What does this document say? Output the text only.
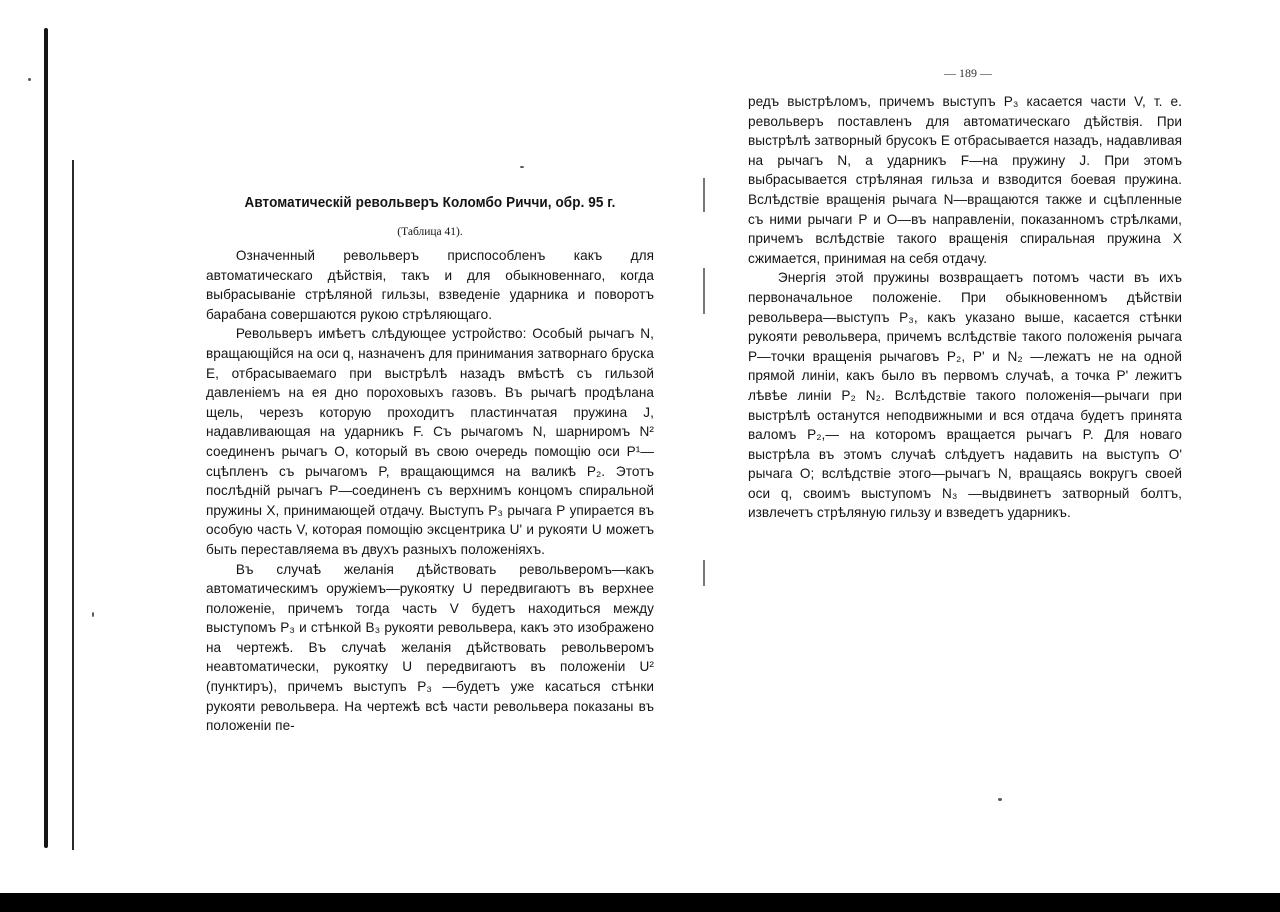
Автоматическiй револьверъ Коломбо Риччи, обр. 95 г.
(Таблица 41).

Означенный револьверъ приспособленъ какъ для автоматическаго дѣйствiя, такъ и для обыкновеннаго, когда выбрасыванiе стрѣляной гильзы, взведенiе ударника и поворотъ барабана совершаются рукою стрѣляющаго.

Револьверъ имѣетъ слѣдующее устройство: Особый рычагъ N, вращающiйся на оси q, назначенъ для принимания затворнаго бруска E, отбрасываемаго при выстрѣлѣ назадъ вмѣстѣ съ гильзой давленiемъ на ея дно пороховыхъ газовъ. Въ рычагѣ продѣлана щель, черезъ которую проходитъ пластинчатая пружина J, надавливающая на ударникъ F. Съ рычагомъ N, шарниромъ N² соединенъ рычагъ O, который въ свою очередь помощiю оси P¹—сцѣпленъ съ рычагомъ P, вращающимся на валикѣ P₂. Этотъ послѣднiй рычагъ P—соединенъ съ верхнимъ концомъ спиральной пружины X, принимающей отдачу. Выступъ P₃ рычага P упирается въ особую часть V, которая помощiю эксцентрика U' и рукояти U можетъ быть переставляема въ двухъ разныхъ положенiяхъ.

Въ случаѣ желанiя дѣйствовать револьверомъ—какъ автоматическимъ оружiемъ—рукоятку U передвигаютъ въ верхнее положенiе, причемъ тогда часть V будетъ находиться между выступомъ P₃ и стѣнкой B₃ рукояти револьвера, какъ это изображено на чертежѣ. Въ случаѣ желанiя дѣйствовать револьверомъ неавтоматически, рукоятку U передвигаютъ въ положенiи U² (пунктиръ), причемъ выступъ P₃ —будетъ уже касаться стѣнки рукояти револьвера. На чертежѣ всѣ части револьвера показаны въ положенiи пе-

— 189 —

редъ выстрѣломъ, причемъ выступъ P₃ касается части V, т. е. револьверъ поставленъ для автоматическаго дѣйствiя. При выстрѣлѣ затворный брусокъ E отбрасывается назадъ, надавливая на рычагъ N, а ударникъ F—на пружину J. При этомъ выбрасывается стрѣляная гильза и взводится боевая пружина. Вслѣдствiе вращенiя рычага N—вращаются также и сцѣпленные съ ними рычаги P и O—въ направленiи, показанномъ стрѣлками, причемъ вслѣдствiе такого вращенiя спиральная пружина X сжимается, принимая на себя отдачу.

Энергiя этой пружины возвращаетъ потомъ части въ ихъ первоначальное положенiе. При обыкновенномъ дѣйствiи револьвера—выступъ P₃, какъ указано выше, касается стѣнки рукояти револьвера, причемъ вслѣдствiе такого положенiя рычага P—точки вращенiя рычаговъ P₂, P' и N₂ —лежатъ не на одной прямой линiи, какъ было въ первомъ случаѣ, а точка P' лежитъ лѣвѣе линiи P₂ N₂. Вслѣдствiе такого положенiя—рычаги при выстрѣлѣ останутся неподвижными и вся отдача будетъ принята валомъ P₂,— на которомъ вращается рычагъ P. Для новаго выстрѣла въ этомъ случаѣ слѣдуетъ надавить на выступъ O' рычага O; вслѣдствiе этого—рычагъ N, вращаясь вокругъ своей оси q, своимъ выступомъ N₃ —выдвинетъ затворный болтъ, извлечетъ стрѣляную гильзу и взведетъ ударникъ.
